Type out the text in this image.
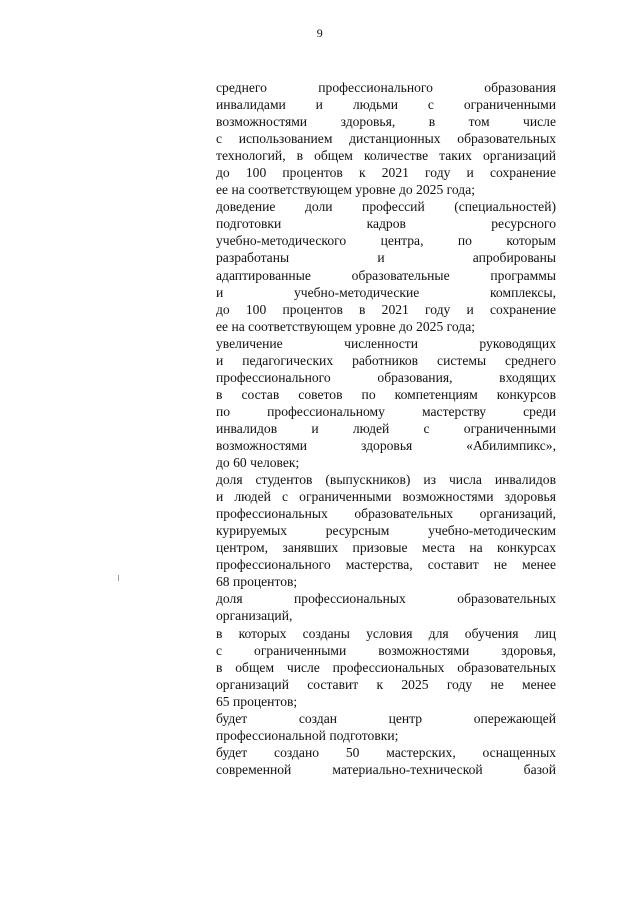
9
среднего профессионального образования
инвалидами и людьми с ограниченными
возможностями здоровья, в том числе
с использованием дистанционных образовательных
технологий, в общем количестве таких организаций
до 100 процентов к 2021 году и сохранение
ее на соответствующем уровне до 2025 года;
доведение доли профессий (специальностей)
подготовки кадров ресурсного
учебно-методического центра, по которым
разработаны и апробированы
адаптированные образовательные программы
и учебно-методические комплексы,
до 100 процентов в 2021 году и сохранение
ее на соответствующем уровне до 2025 года;
увеличение численности руководящих
и педагогических работников системы среднего
профессионального образования, входящих
в состав советов по компетенциям конкурсов
по профессиональному мастерству среди
инвалидов и людей с ограниченными
возможностями здоровья «Абилимпикс»,
до 60 человек;
доля студентов (выпускников) из числа инвалидов
и людей с ограниченными возможностями здоровья
профессиональных образовательных организаций,
курируемых ресурсным учебно-методическим
центром, занявших призовые места на конкурсах
профессионального мастерства, составит не менее
68 процентов;
доля профессиональных образовательных
организаций,
в которых созданы условия для обучения лиц
с ограниченными возможностями здоровья,
в общем числе профессиональных образовательных
организаций составит к 2025 году не менее
65 процентов;
будет создан центр опережающей
профессиональной подготовки;
будет создано 50 мастерских, оснащенных
современной материально-технической базой
